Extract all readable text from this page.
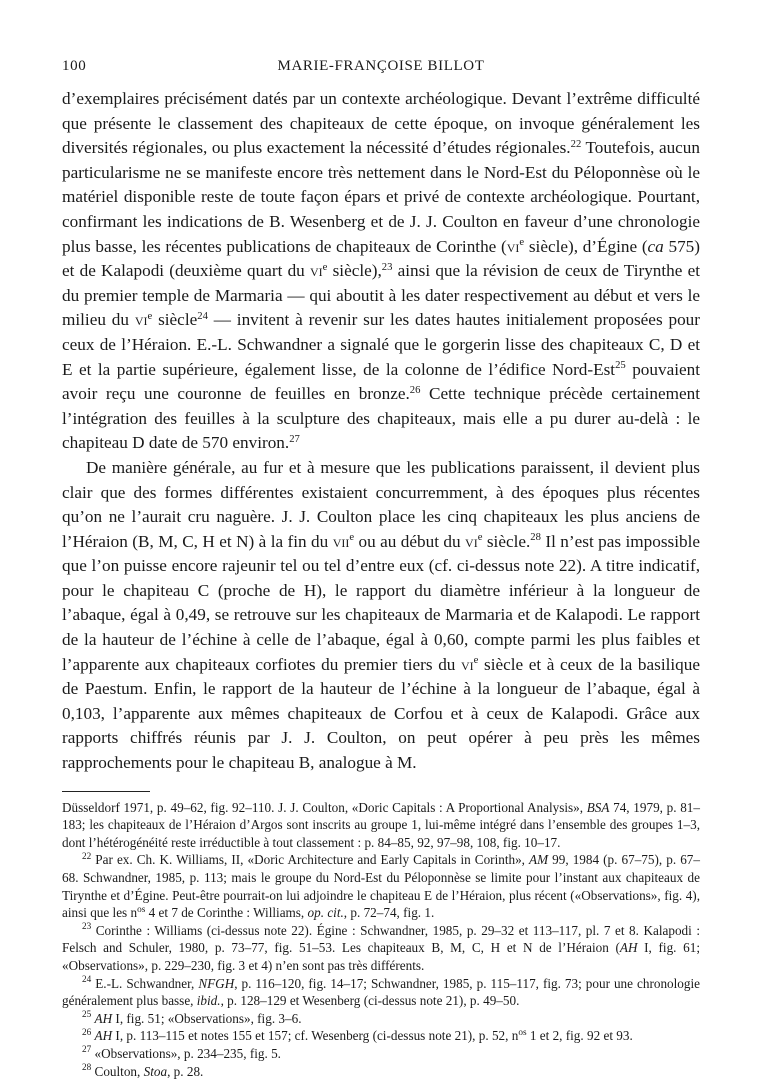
100	MARIE-FRANÇOISE BILLOT

d’exemplaires précisément datés par un contexte archéologique. Devant l’extrême difficulté que présente le classement des chapiteaux de cette époque, on invoque généralement les diversités régionales, ou plus exactement la nécessité d’études régionales.$^{22}$ Toutefois, aucun particularisme ne se manifeste encore très nettement dans le Nord-Est du Péloponnèse où le matériel disponible reste de toute façon épars et privé de contexte archéologique. Pourtant, confirmant les indications de B. Wesenberg et de J. J. Coulton en faveur d’une chronologie plus basse, les récentes publications de chapiteaux de Corinthe ($vi^e$ siècle), d’Égine (ca 575) et de Kalapodi (deuxième quart du $vi^e$ siècle),$^{23}$ ainsi que la révision de ceux de Tirynthe et du premier temple de Marmaria — qui aboutit à les dater respectivement au début et vers le milieu du $vi^e$ siècle$^{24}$ — invitent à revenir sur les dates hautes initialement proposées pour ceux de l’Héraion. E.-L. Schwandner a signalé que le gorgerin lisse des chapiteaux C, D et E et la partie supérieure, également lisse, de la colonne de l’édifice Nord-Est$^{25}$ pouvaient avoir reçu une couronne de feuilles en bronze.$^{26}$ Cette technique précède certainement l’intégration des feuilles à la sculpture des chapiteaux, mais elle a pu durer au-delà : le chapiteau D date de 570 environ.$^{27}$

De manière générale, au fur et à mesure que les publications paraissent, il devient plus clair que des formes différentes existaient concurremment, à des époques plus récentes qu’on ne l’aurait cru naguère. J. J. Coulton place les cinq chapiteaux les plus anciens de l’Héraion (B, M, C, H et N) à la fin du vii$^e$ ou au début du $vi^e$ siècle.$^{28}$ Il n’est pas impossible que l’on puisse encore rajeunir tel ou tel d’entre eux (cf. ci-dessus note 22). A titre indicatif, pour le chapiteau C (proche de H), le rapport du diamètre inférieur à la longueur de l’abaque, égal à 0,49, se retrouve sur les chapiteaux de Marmaria et de Kalapodi. Le rapport de la hauteur de l’échine à celle de l’abaque, égal à 0,60, compte parmi les plus faibles et l’apparente aux chapiteaux corfiotes du premier tiers du $vi^e$ siècle et à ceux de la basilique de Paestum. Enfin, le rapport de la hauteur de l’échine à la longueur de l’abaque, égal à 0,103, l’apparente aux mêmes chapiteaux de Corfou et à ceux de Kalapodi. Grâce aux rapports chiffrés réunis par J. J. Coulton, on peut opérer à peu près les mêmes rapprochements pour le chapiteau B, analogue à M.

Düsseldorf 1971, p. 49–62, fig. 92–110. J. J. Coulton, «Doric Capitals : A Proportional Analysis», BSA 74, 1979, p. 81–183; les chapiteaux de l’Héraion d’Argos sont inscrits au groupe 1, lui-même intégré dans l’ensemble des groupes 1–3, dont l’hétérogénéité reste irréductible à tout classement : p. 84–85, 92, 97–98, 108, fig. 10–17.

$^{22}$ Par ex. Ch. K. Williams, II, «Doric Architecture and Early Capitals in Corinth», AM 99, 1984 (p. 67–75), p. 67–68. Schwandner, 1985, p. 113; mais le groupe du Nord-Est du Péloponnèse se limite pour l’instant aux chapiteaux de Tirynthe et d’Égine. Peut-être pourrait-on lui adjoindre le chapiteau E de l’Héraion, plus récent («Observations», fig. 4), ainsi que les $n^{os}$ 4 et 7 de Corinthe : Williams, op. cit., p. 72–74, fig. 1.

$^{23}$ Corinthe : Williams (ci-dessus note 22). Égine : Schwandner, 1985, p. 29–32 et 113–117, pl. 7 et 8. Kalapodi : Felsch and Schuler, 1980, p. 73–77, fig. 51–53. Les chapiteaux B, M, C, H et N de l’Héraion (AH I, fig. 61; «Observations», p. 229–230, fig. 3 et 4) n’en sont pas très différents.

$^{24}$ E.-L. Schwandner, NFGH, p. 116–120, fig. 14–17; Schwandner, 1985, p. 115–117, fig. 73; pour une chronologie généralement plus basse, ibid., p. 128–129 et Wesenberg (ci-dessus note 21), p. 49–50.

$^{25}$ AH I, fig. 51; «Observations», fig. 3–6.

$^{26}$ AH I, p. 113–115 et notes 155 et 157; cf. Wesenberg (ci-dessus note 21), p. 52, $n^{os}$ 1 et 2, fig. 92 et 93.

$^{27}$ «Observations», p. 234–235, fig. 5.

$^{28}$ Coulton, Stoa, p. 28.
